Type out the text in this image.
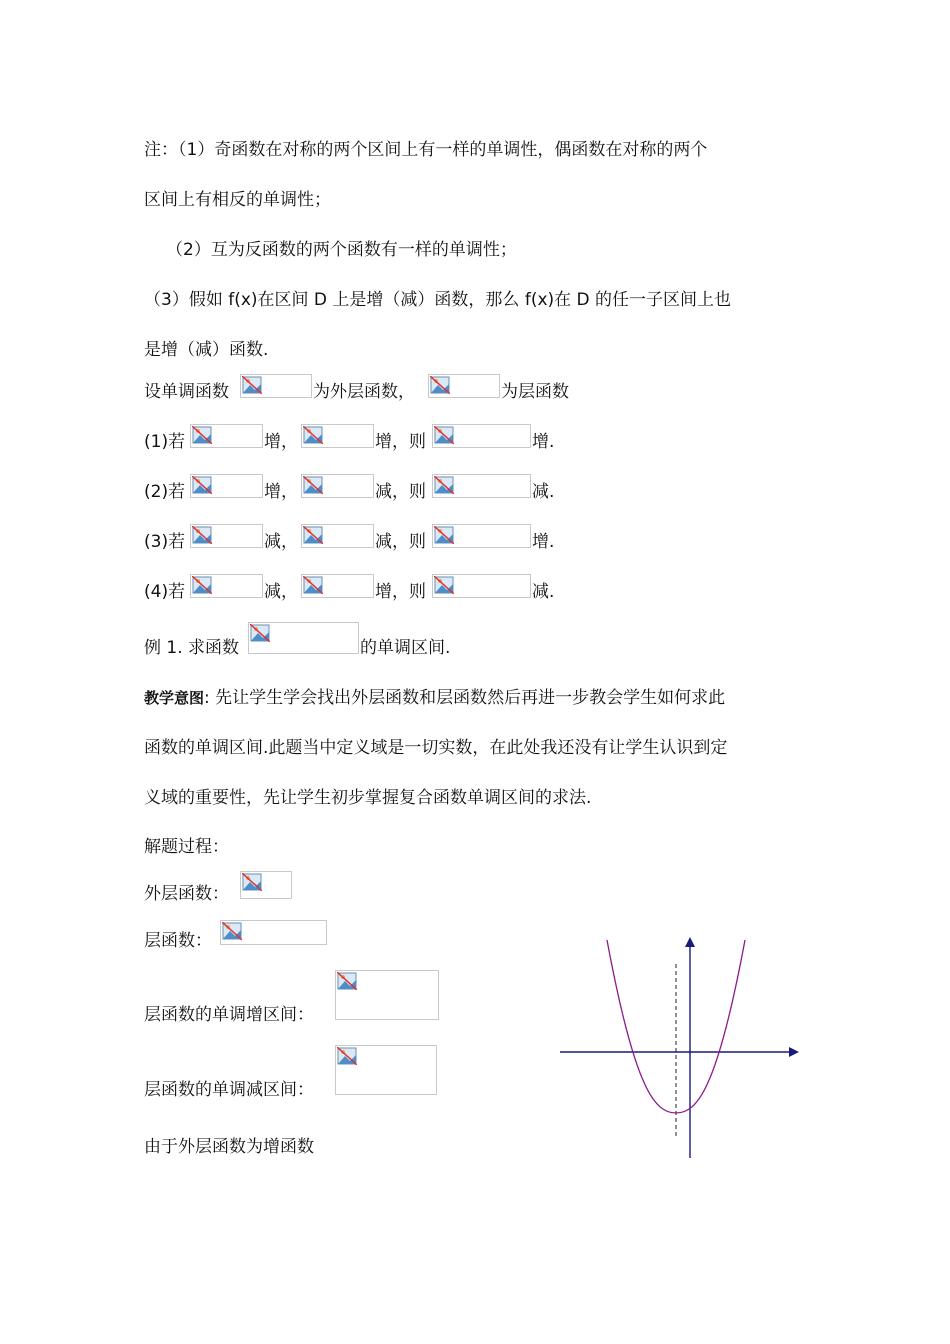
注：（1）奇函数在对称的两个区间上有一样的单调性，偶函数在对称的两个
区间上有相反的单调性；
（2）互为反函数的两个函数有一样的单调性；
（3）假如 f(x)在区间 D 上是增（减）函数，那么 f(x)在 D 的任一子区间上也
是增（减）函数.
设单调函数	为外层函数，	为层函数
(1)若	增，	增，则	增.
(2)若	增，	减，则	减.
(3)若	减，	减，则	增.
(4)若	减，	增，则	减.
例 1. 求函数	的单调区间.
教学意图: 先让学生学会找出外层函数和层函数然后再进一步教会学生如何求此
函数的单调区间.此题当中定义域是一切实数，在此处我还没有让学生认识到定
义域的重要性，先让学生初步掌握复合函数单调区间的求法.
解题过程：
外层函数：
层函数：
层函数的单调增区间：
层函数的单调减区间：
由于外层函数为增函数
